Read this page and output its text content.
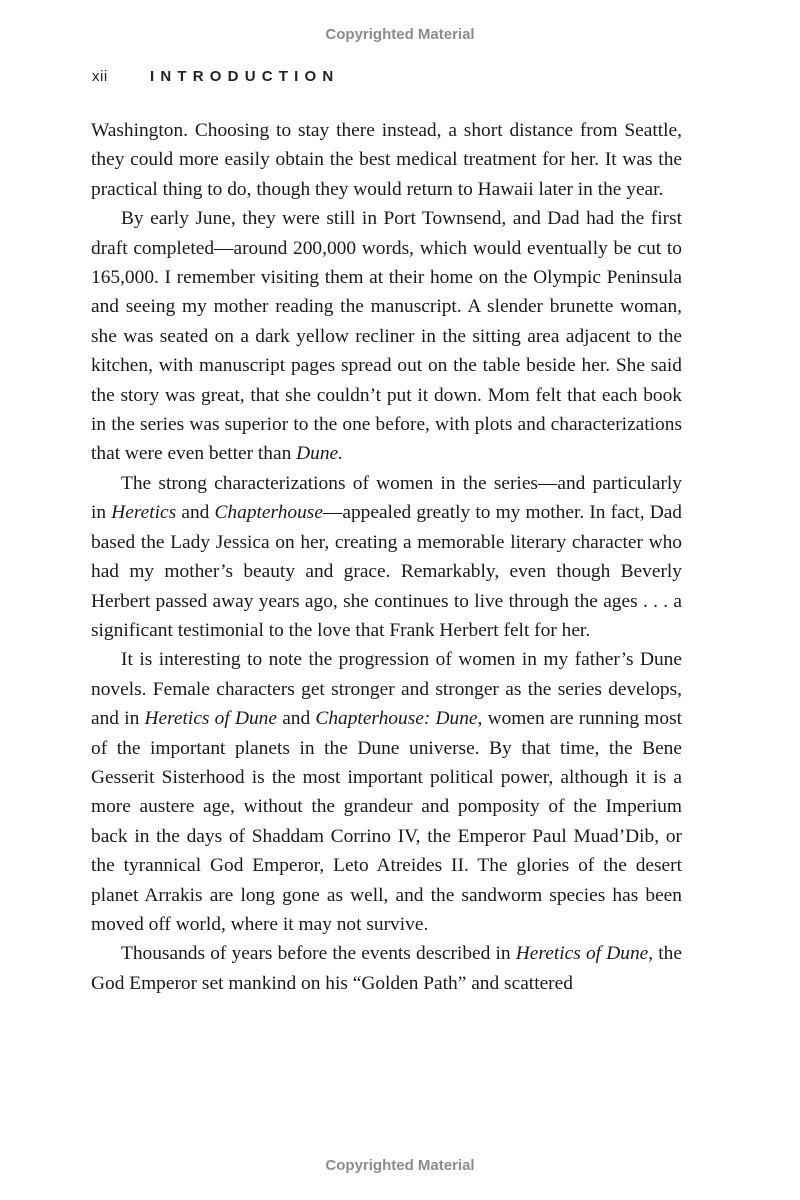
Copyrighted Material
xii	INTRODUCTION

Washington. Choosing to stay there instead, a short distance from Seattle, they could more easily obtain the best medical treatment for her. It was the practical thing to do, though they would return to Hawaii later in the year.

By early June, they were still in Port Townsend, and Dad had the first draft completed—around 200,000 words, which would eventually be cut to 165,000. I remember visiting them at their home on the Olympic Peninsula and seeing my mother reading the manuscript. A slender brunette woman, she was seated on a dark yellow recliner in the sitting area adjacent to the kitchen, with manuscript pages spread out on the table beside her. She said the story was great, that she couldn’t put it down. Mom felt that each book in the series was superior to the one before, with plots and characterizations that were even better than Dune.

The strong characterizations of women in the series—and particularly in Heretics and Chapterhouse—appealed greatly to my mother. In fact, Dad based the Lady Jessica on her, creating a memorable literary character who had my mother’s beauty and grace. Remarkably, even though Beverly Herbert passed away years ago, she continues to live through the ages . . . a significant testimonial to the love that Frank Herbert felt for her.

It is interesting to note the progression of women in my father’s Dune novels. Female characters get stronger and stronger as the series develops, and in Heretics of Dune and Chapterhouse: Dune, women are running most of the important planets in the Dune universe. By that time, the Bene Gesserit Sisterhood is the most important political power, although it is a more austere age, without the grandeur and pomposity of the Imperium back in the days of Shaddam Corrino IV, the Emperor Paul Muad’Dib, or the tyrannical God Emperor, Leto Atreides II. The glories of the desert planet Arrakis are long gone as well, and the sandworm species has been moved off world, where it may not survive.

Thousands of years before the events described in Heretics of Dune, the God Emperor set mankind on his “Golden Path” and scattered

Copyrighted Material
